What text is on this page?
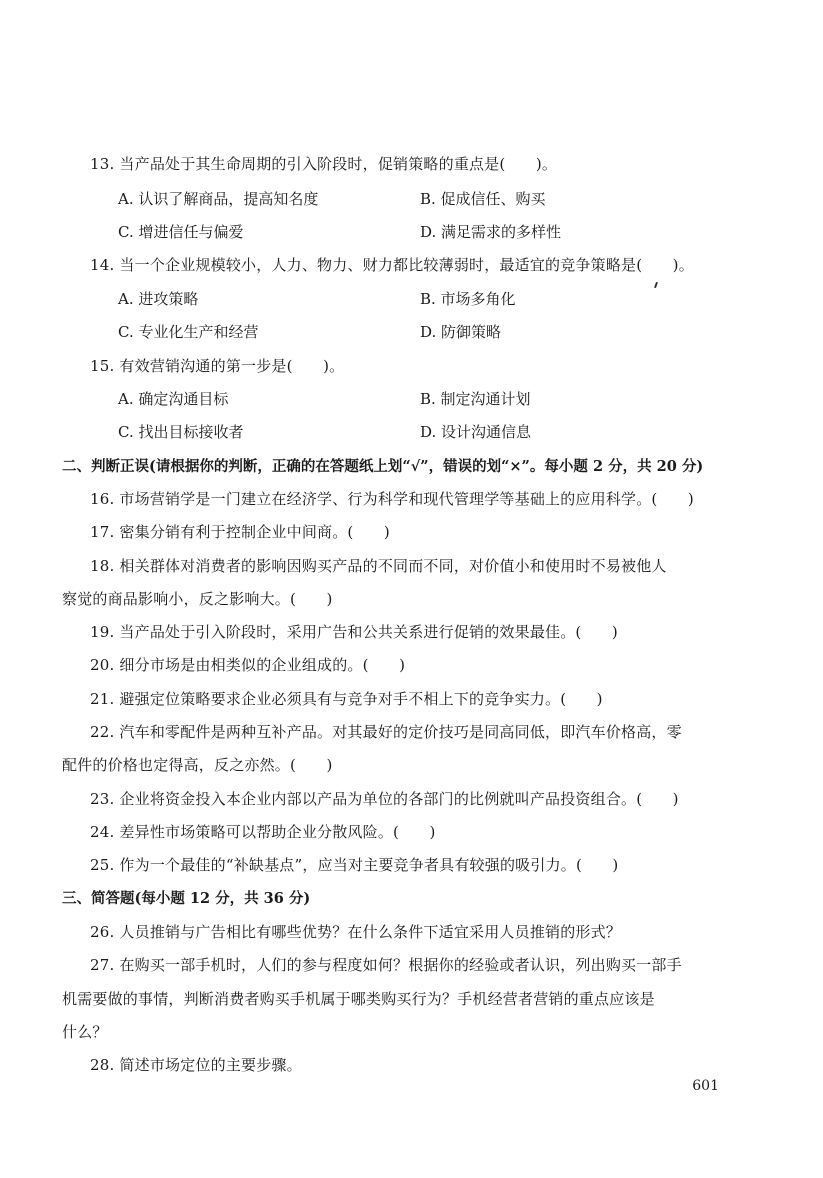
13. 当产品处于其生命周期的引入阶段时，促销策略的重点是(　　)。
A. 认识了解商品，提高知名度	B. 促成信任、购买
C. 增进信任与偏爱	D. 满足需求的多样性
14. 当一个企业规模较小，人力、物力、财力都比较薄弱时，最适宜的竞争策略是(　　)。
A. 进攻策略	B. 市场多角化
C. 专业化生产和经营	D. 防御策略
15. 有效营销沟通的第一步是(　　)。
A. 确定沟通目标	B. 制定沟通计划
C. 找出目标接收者	D. 设计沟通信息
二、判断正误(请根据你的判断，正确的在答题纸上划“√”，错误的划“×”。每小题 2 分，共 20 分)
16. 市场营销学是一门建立在经济学、行为科学和现代管理学等基础上的应用科学。(　　)
17. 密集分销有利于控制企业中间商。(　　)
18. 相关群体对消费者的影响因购买产品的不同而不同，对价值小和使用时不易被他人
察觉的商品影响小，反之影响大。(　　)
19. 当产品处于引入阶段时，采用广告和公共关系进行促销的效果最佳。(　　)
20. 细分市场是由相类似的企业组成的。(　　)
21. 避强定位策略要求企业必须具有与竞争对手不相上下的竞争实力。(　　)
22. 汽车和零配件是两种互补产品。对其最好的定价技巧是同高同低，即汽车价格高，零
配件的价格也定得高，反之亦然。(　　)
23. 企业将资金投入本企业内部以产品为单位的各部门的比例就叫产品投资组合。(　　)
24. 差异性市场策略可以帮助企业分散风险。(　　)
25. 作为一个最佳的“补缺基点”，应当对主要竞争者具有较强的吸引力。(　　)
三、简答题(每小题 12 分，共 36 分)
26. 人员推销与广告相比有哪些优势？在什么条件下适宜采用人员推销的形式？
27. 在购买一部手机时，人们的参与程度如何？根据你的经验或者认识，列出购买一部手
机需要做的事情，判断消费者购买手机属于哪类购买行为？手机经营者营销的重点应该是
什么？
28. 简述市场定位的主要步骤。
601
